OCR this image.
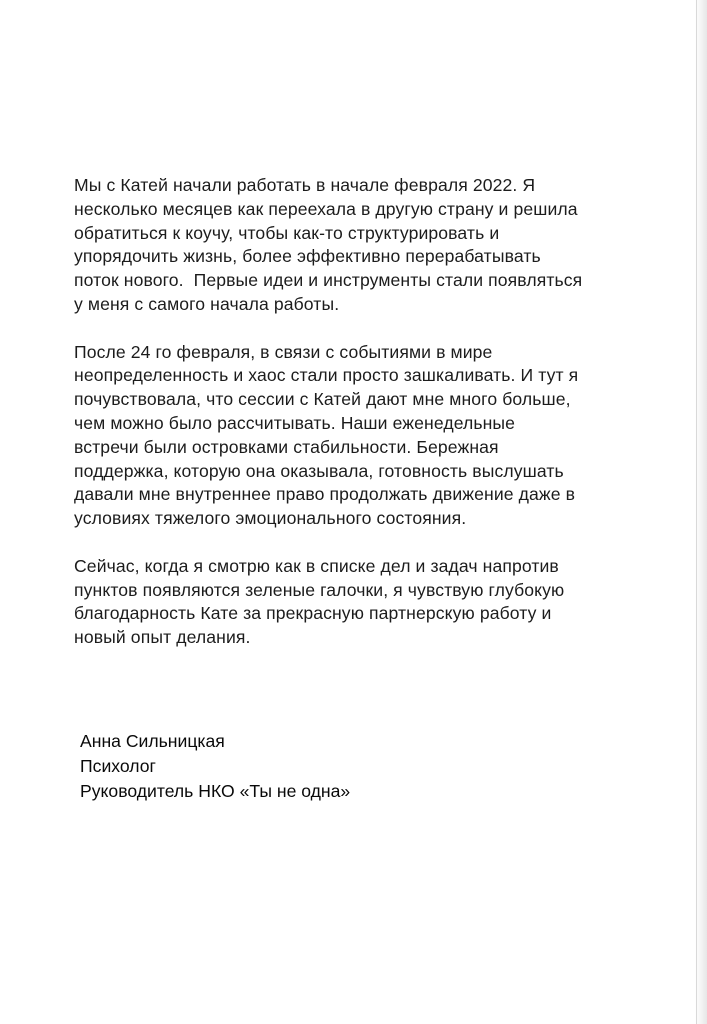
Мы с Катей начали работать в начале февраля 2022. Я
несколько месяцев как переехала в другую страну и решила
обратиться к коучу, чтобы как-то структурировать и
упорядочить жизнь, более эффективно перерабатывать
поток нового.  Первые идеи и инструменты стали появляться
у меня с самого начала работы.
После 24 го февраля, в связи с событиями в мире
неопределенность и хаос стали просто зашкаливать. И тут я
почувствовала, что сессии с Катей дают мне много больше,
чем можно было рассчитывать. Наши еженедельные
встречи были островками стабильности. Бережная
поддержка, которую она оказывала, готовность выслушать
давали мне внутреннее право продолжать движение даже в
условиях тяжелого эмоционального состояния.
Сейчас, когда я смотрю как в списке дел и задач напротив
пунктов появляются зеленые галочки, я чувствую глубокую
благодарность Кате за прекрасную партнерскую работу и
новый опыт делания.
Анна Сильницкая
Психолог
Руководитель НКО «Ты не одна»
